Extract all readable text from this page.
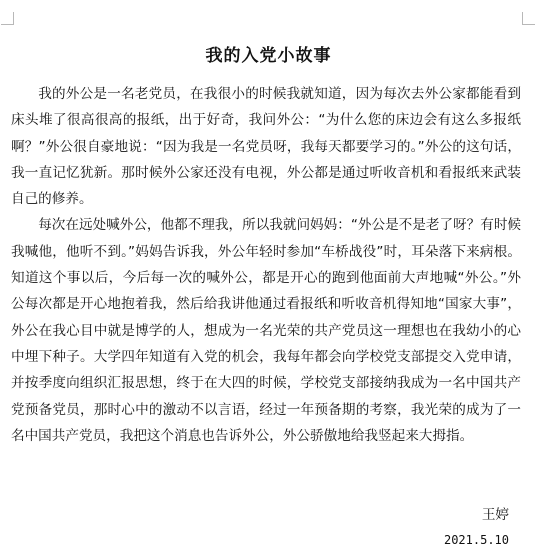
我的入党小故事

我的外公是一名老党员，在我很小的时候我就知道，因为每次去外公家都能看到床头堆了很高很高的报纸，出于好奇，我问外公：“为什么您的床边会有这么多报纸啊？”外公很自豪地说：“因为我是一名党员呀，我每天都要学习的。”外公的这句话，我一直记忆犹新。那时候外公家还没有电视，外公都是通过听收音机和看报纸来武装自己的修养。

每次在远处喊外公，他都不理我，所以我就问妈妈：“外公是不是老了呀？有时候我喊他，他听不到。”妈妈告诉我，外公年轻时参加“车桥战役”时，耳朵落下来病根。知道这个事以后，今后每一次的喊外公，都是开心的跑到他面前大声地喊“外公。”外公每次都是开心地抱着我，然后给我讲他通过看报纸和听收音机得知地“国家大事”，外公在我心目中就是博学的人，想成为一名光荣的共产党员这一理想也在我幼小的心中埋下种子。大学四年知道有入党的机会，我每年都会向学校党支部提交入党申请，并按季度向组织汇报思想，终于在大四的时候，学校党支部接纳我成为一名中国共产党预备党员，那时心中的激动不以言语，经过一年预备期的考察，我光荣的成为了一名中国共产党员，我把这个消息也告诉外公，外公骄傲地给我竖起来大拇指。

王婷
2021.5.10
